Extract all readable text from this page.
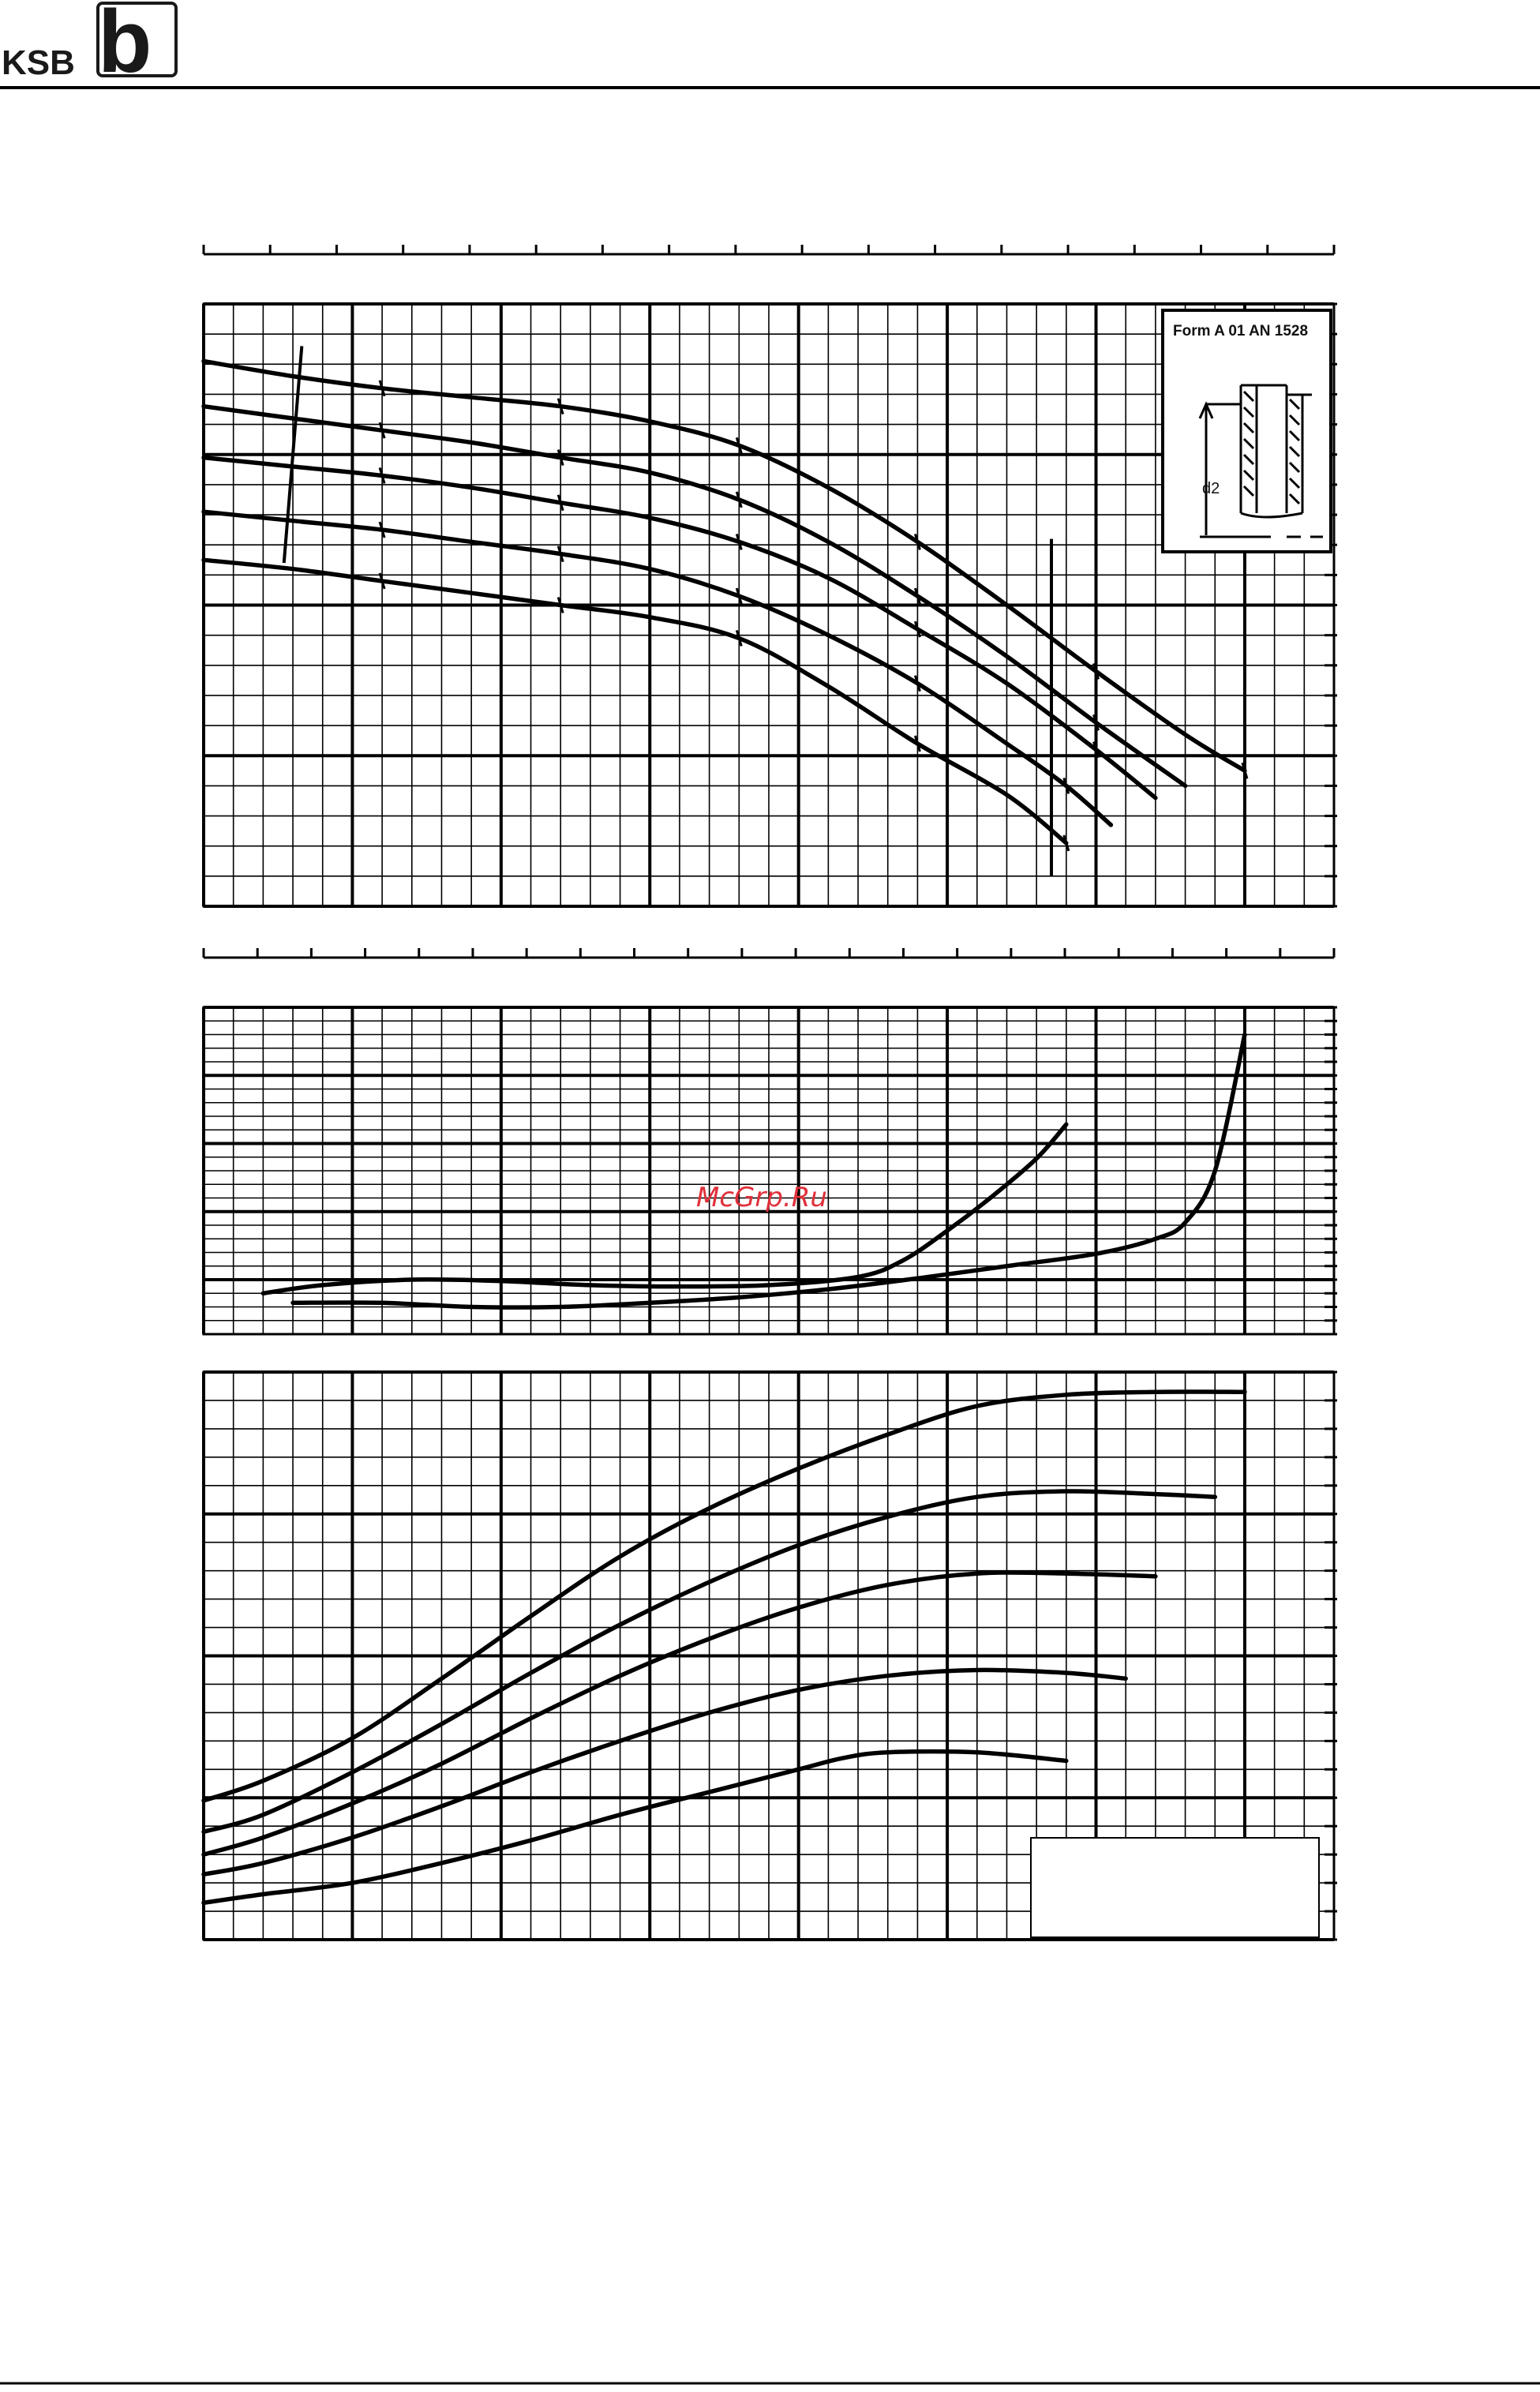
b
KSB
Form A 01 AN 1528
d2
McGrp.Ru
